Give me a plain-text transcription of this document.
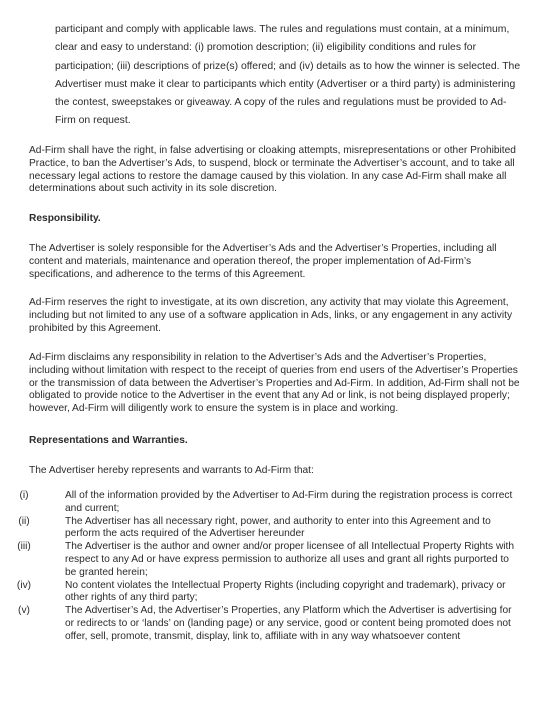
participant and comply with applicable laws. The rules and regulations must contain, at a minimum, clear and easy to understand: (i) promotion description; (ii) eligibility conditions and rules for participation; (iii) descriptions of prize(s) offered; and (iv) details as to how the winner is selected. The Advertiser must make it clear to participants which entity (Advertiser or a third party) is administering the contest, sweepstakes or giveaway. A copy of the rules and regulations must be provided to Ad-Firm on request.

Ad-Firm shall have the right, in false advertising or cloaking attempts, misrepresentations or other Prohibited Practice, to ban the Advertiser’s Ads, to suspend, block or terminate the Advertiser’s account, and to take all necessary legal actions to restore the damage caused by this violation. In any case Ad-Firm shall make all determinations about such activity in its sole discretion.

Responsibility.

The Advertiser is solely responsible for the Advertiser’s Ads and the Advertiser’s Properties, including all content and materials, maintenance and operation thereof, the proper implementation of Ad-Firm’s specifications, and adherence to the terms of this Agreement.

Ad-Firm reserves the right to investigate, at its own discretion, any activity that may violate this Agreement, including but not limited to any use of a software application in Ads, links, or any engagement in any activity prohibited by this Agreement.

Ad-Firm disclaims any responsibility in relation to the Advertiser’s Ads and the Advertiser’s Properties, including without limitation with respect to the receipt of queries from end users of the Advertiser’s Properties or the transmission of data between the Advertiser’s Properties and Ad-Firm. In addition, Ad-Firm shall not be obligated to provide notice to the Advertiser in the event that any Ad or link, is not being displayed properly; however, Ad-Firm will diligently work to ensure the system is in place and working.

Representations and Warranties.

The Advertiser hereby represents and warrants to Ad-Firm that:

(i)	All of the information provided by the Advertiser to Ad-Firm during the registration process is correct and current;
(ii)	The Advertiser has all necessary right, power, and authority to enter into this Agreement and to perform the acts required of the Advertiser hereunder
(iii)	The Advertiser is the author and owner and/or proper licensee of all Intellectual Property Rights with respect to any Ad or have express permission to authorize all uses and grant all rights purported to be granted herein;
(iv)	No content violates the Intellectual Property Rights (including copyright and trademark), privacy or other rights of any third party;
(v)	The Advertiser’s Ad, the Advertiser’s Properties, any Platform which the Advertiser is advertising for or redirects to or ‘lands’ on (landing page) or any service, good or content being promoted does not offer, sell, promote, transmit, display, link to, affiliate with in any way whatsoever content
